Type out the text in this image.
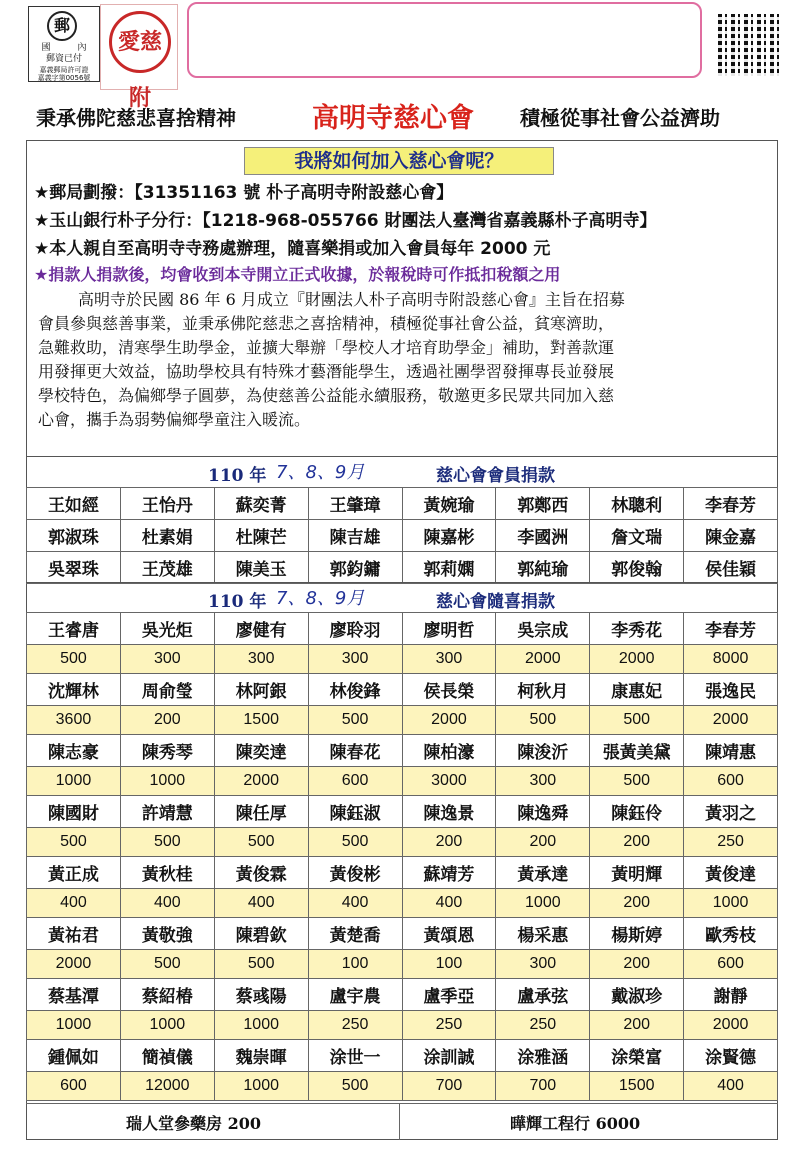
郵
國　　　內
郵資已付
嘉義郵局許可證
嘉義字第0056號
愛慈附
秉承佛陀慈悲喜捨精神	高明寺慈心會 積極從事社會公益濟助
我將如何加入慈心會呢？
★郵局劃撥：【31351163 號 朴子高明寺附設慈心會】
★玉山銀行朴子分行：【1218-968-055766 財團法人臺灣省嘉義縣朴子高明寺】
★本人親自至高明寺寺務處辦理，隨喜樂捐或加入會員每年 2000 元
★捐款人捐款後，均會收到本寺開立正式收據，於報稅時可作抵扣稅額之用

高明寺於民國 86 年 6 月成立『財團法人朴子高明寺附設慈心會』主旨在招募

會員參與慈善事業，並秉承佛陀慈悲之喜捨精神，積極從事社會公益，貧寒濟助，

急難救助，清寒學生助學金，並擴大舉辦「學校人才培育助學金」補助，對善款運

用發揮更大效益，協助學校具有特殊才藝潛能學生，透過社團學習發揮專長並發展

學校特色，為偏鄉學子圓夢，為使慈善公益能永續服務，敬邀更多民眾共同加入慈

心會，攜手為弱勢偏鄉學童注入暖流。

110 年 7、8、9月	慈心會會員捐款
王如經	王怡丹	蘇奕菁	王肇璋	黃婉瑜	郭鄭西	林聰利	李春芳
郭淑珠	杜素娟	杜陳芒	陳吉雄	陳嘉彬	李國洲	詹文瑞	陳金嘉
吳翠珠	王茂雄	陳美玉	郭鈞鏞	郭莉嫻	郭純瑜	郭俊翰	侯佳穎
110 年 7、8、9月	慈心會隨喜捐款
王睿唐	吳光炬	廖健有	廖聆羽	廖明哲	吳宗成	李秀花	李春芳
500	300	300	300	300	2000	2000	8000
沈輝林	周俞瑩	林阿銀	林俊鋒	侯長榮	柯秋月	康惠妃	張逸民
3600	200	1500	500	2000	500	500	2000
陳志豪	陳秀琴	陳奕達	陳春花	陳柏濠	陳浚沂	張黃美黛	陳靖惠
1000	1000	2000	600	3000	300	500	600
陳國財	許靖慧	陳任厚	陳鈺淑	陳逸景	陳逸舜	陳鈺伶	黃羽之
500	500	500	500	200	200	200	250
黃正成	黃秋桂	黃俊霖	黃俊彬	蘇靖芳	黃承達	黃明輝	黃俊達
400	400	400	400	400	1000	200	1000
黃祐君	黃敬強	陳碧欽	黃楚喬	黃頌恩	楊采惠	楊斯婷	歐秀枝
2000	500	500	100	100	300	200	600
蔡基潭	蔡紹椿	蔡彧陽	盧宇農	盧季亞	盧承弦	戴淑珍	謝靜
1000	1000	1000	250	250	250	200	2000
鍾佩如	簡禎儀	魏崇暉	涂世一	涂訓誠	涂雅涵	涂榮富	涂賢德
600	12000	1000	500	700	700	1500	400
瑞人堂參藥房 200	曄輝工程行 6000
